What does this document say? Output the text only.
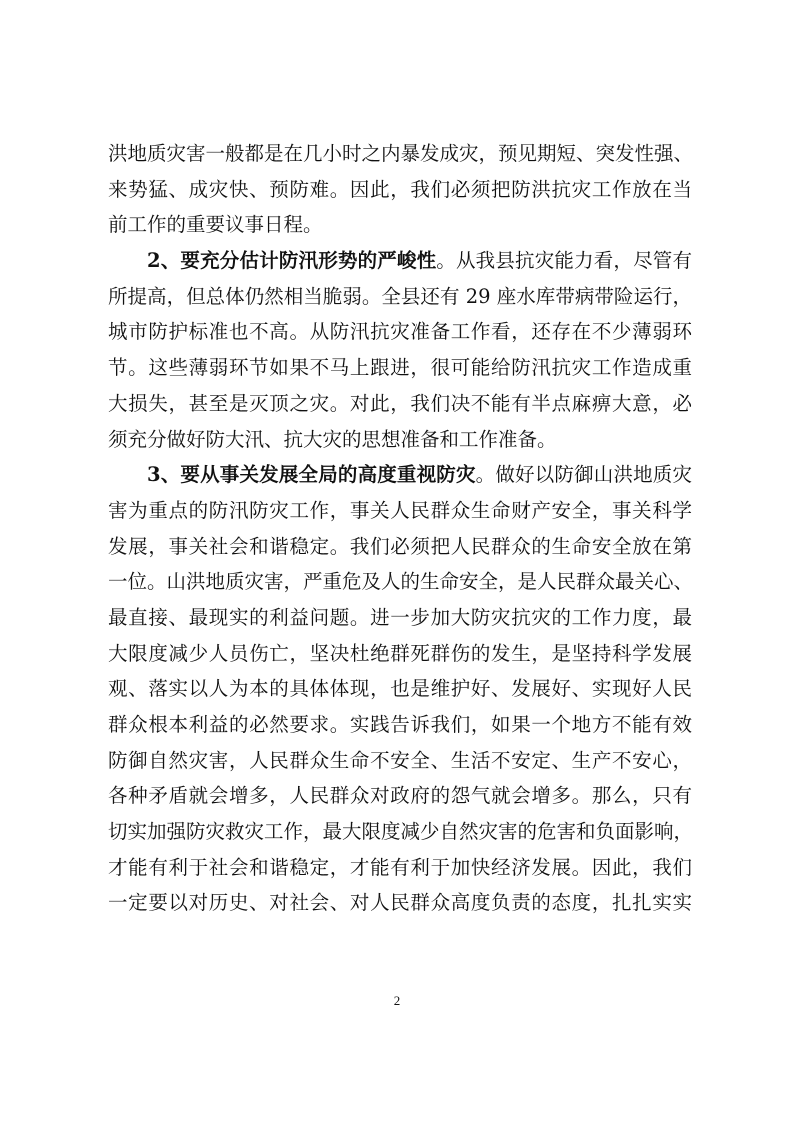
洪地质灾害一般都是在几小时之内暴发成灾，预见期短、突发性强、
来势猛、成灾快、预防难。因此，我们必须把防洪抗灾工作放在当
前工作的重要议事日程。
2、要充分估计防汛形势的严峻性。从我县抗灾能力看，尽管有
所提高，但总体仍然相当脆弱。全县还有 29 座水库带病带险运行，
城市防护标准也不高。从防汛抗灾准备工作看，还存在不少薄弱环
节。这些薄弱环节如果不马上跟进，很可能给防汛抗灾工作造成重
大损失，甚至是灭顶之灾。对此，我们决不能有半点麻痹大意，必
须充分做好防大汛、抗大灾的思想准备和工作准备。
3、要从事关发展全局的高度重视防灾。做好以防御山洪地质灾
害为重点的防汛防灾工作，事关人民群众生命财产安全，事关科学
发展，事关社会和谐稳定。我们必须把人民群众的生命安全放在第
一位。山洪地质灾害，严重危及人的生命安全，是人民群众最关心、
最直接、最现实的利益问题。进一步加大防灾抗灾的工作力度，最
大限度减少人员伤亡，坚决杜绝群死群伤的发生，是坚持科学发展
观、落实以人为本的具体体现，也是维护好、发展好、实现好人民
群众根本利益的必然要求。实践告诉我们，如果一个地方不能有效
防御自然灾害，人民群众生命不安全、生活不安定、生产不安心，
各种矛盾就会增多，人民群众对政府的怨气就会增多。那么，只有
切实加强防灾救灾工作，最大限度减少自然灾害的危害和负面影响，
才能有利于社会和谐稳定，才能有利于加快经济发展。因此，我们
一定要以对历史、对社会、对人民群众高度负责的态度，扎扎实实
2
